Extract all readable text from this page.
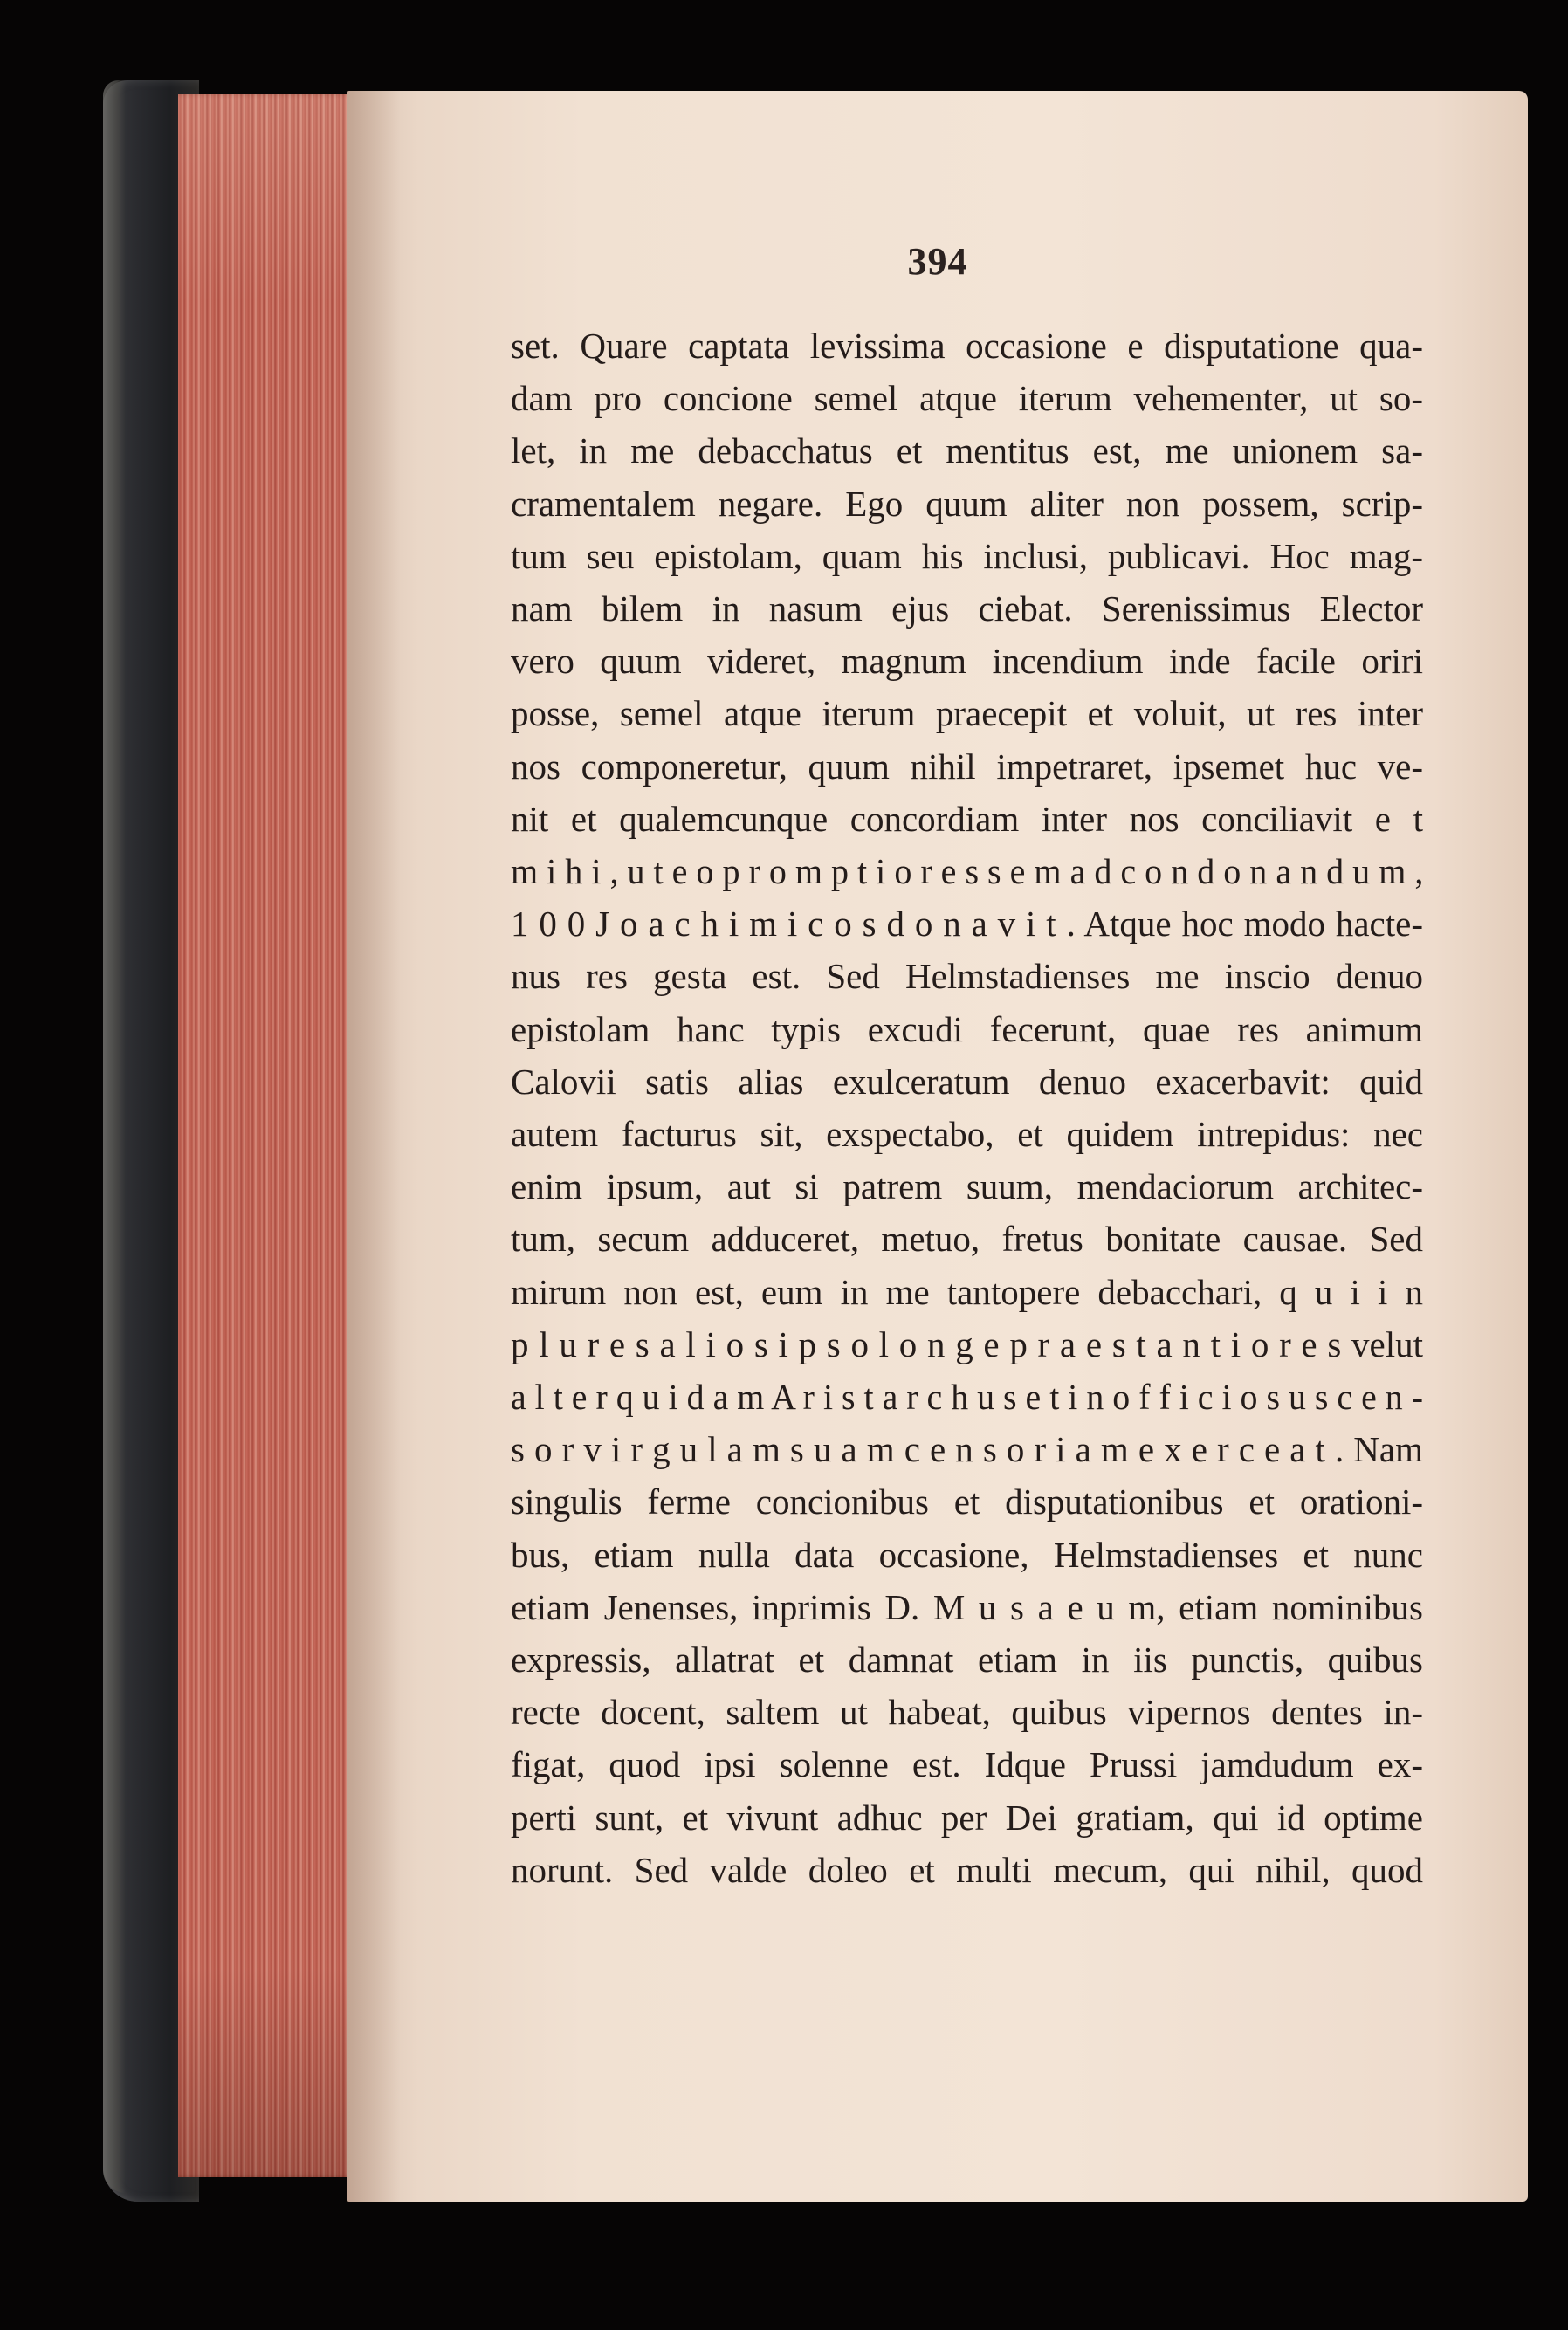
394
set. Quare captata levissima occasione e disputatione qua-
dam pro concione semel atque iterum vehementer, ut so-
let, in me debacchatus et mentitus est, me unionem sa-
cramentalem negare. Ego quum aliter non possem, scrip-
tum seu epistolam, quam his inclusi, publicavi. Hoc mag-
nam bilem in nasum ejus ciebat. Serenissimus Elector
vero quum videret, magnum incendium inde facile oriri
posse, semel atque iterum praecepit et voluit, ut res inter
nos componeretur, quum nihil impetraret, ipsemet huc ve-
nit et qualemcunque concordiam inter nos conciliavit e t
m i h i , u t e o p r o m p t i o r e s s e m a d c o n d o n a n d u m ,
1 0 0 J o a c h i m i c o s d o n a v i t . Atque hoc modo hacte-
nus res gesta est. Sed Helmstadienses me inscio denuo
epistolam hanc typis excudi fecerunt, quae res animum
Calovii satis alias exulceratum denuo exacerbavit: quid
autem facturus sit, exspectabo, et quidem intrepidus: nec
enim ipsum, aut si patrem suum, mendaciorum architec-
tum, secum adduceret, metuo, fretus bonitate causae. Sed
mirum non est, eum in me tantopere debacchari, q u i i n
p l u r e s a l i o s i p s o l o n g e p r a e s t a n t i o r e s velut
a l t e r q u i d a m A r i s t a r c h u s e t i n o f f i c i o s u s c e n -
s o r v i r g u l a m s u a m c e n s o r i a m e x e r c e a t . Nam
singulis ferme concionibus et disputationibus et orationi-
bus, etiam nulla data occasione, Helmstadienses et nunc
etiam Jenenses, inprimis D. M u s a e u m, etiam nominibus
expressis, allatrat et damnat etiam in iis punctis, quibus
recte docent, saltem ut habeat, quibus vipernos dentes in-
figat, quod ipsi solenne est. Idque Prussi jamdudum ex-
perti sunt, et vivunt adhuc per Dei gratiam, qui id optime
norunt. Sed valde doleo et multi mecum, qui nihil, quod
